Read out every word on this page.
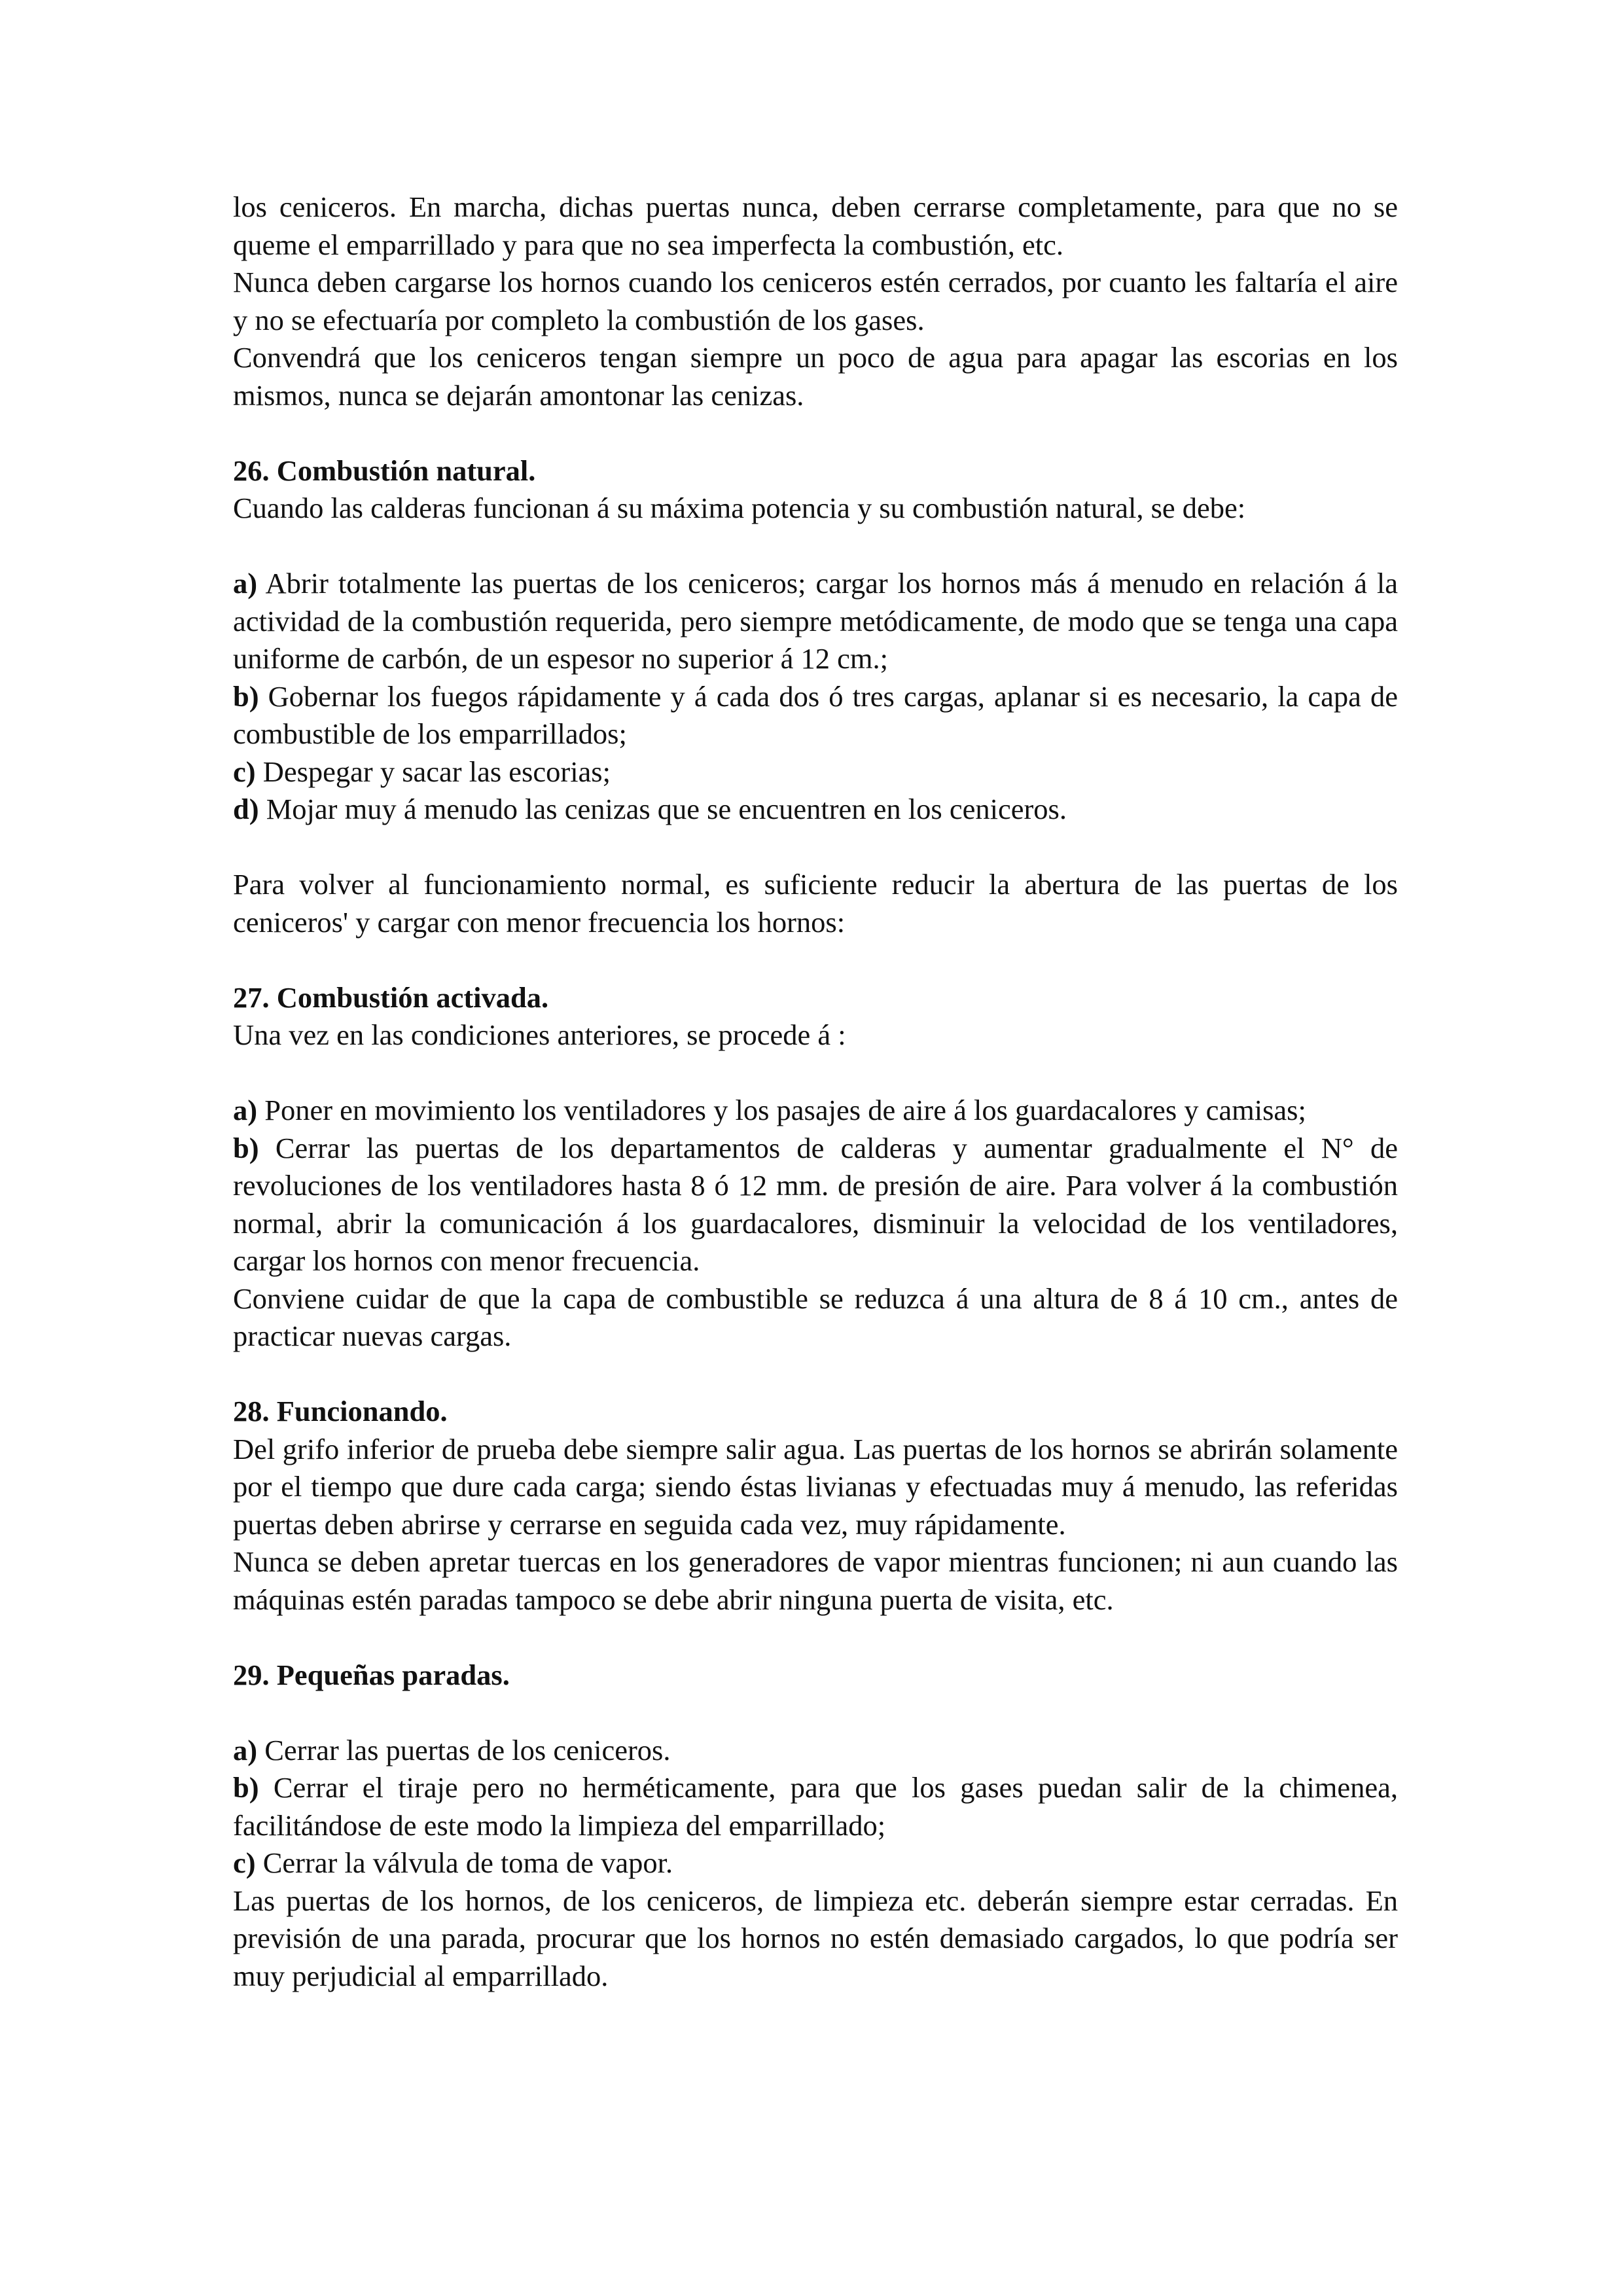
los ceniceros. En marcha, dichas puertas nunca, deben cerrarse completamente, para que no se queme el emparrillado y para que no sea imperfecta la combustión, etc.

Nunca deben cargarse los hornos cuando los ceniceros estén cerrados, por cuanto les faltaría el aire y no se efectuaría por completo la combustión de los gases.

Convendrá que los ceniceros tengan siempre un poco de agua para apagar las escorias en los mismos, nunca se dejarán amontonar las cenizas.

26. Combustión natural.

Cuando las calderas funcionan á su máxima potencia y su combustión natural, se debe:

a) Abrir totalmente las puertas de los ceniceros; cargar los hornos más á menudo en relación á la actividad de la combustión requerida, pero siempre metódicamente, de modo que se tenga una capa uniforme de carbón, de un espesor no superior á 12 cm.;

b) Gobernar los fuegos rápidamente y á cada dos ó tres cargas, aplanar si es necesario, la capa de combustible de los emparrillados;

c) Despegar y sacar las escorias;

d) Mojar muy á menudo las cenizas que se encuentren en los ceniceros.

Para volver al funcionamiento normal, es suficiente reducir la abertura de las puertas de los ceniceros' y cargar con menor frecuencia los hornos:

27. Combustión activada.

Una vez en las condiciones anteriores, se procede á :

a) Poner en movimiento los ventiladores y los pasajes de aire á los guardacalores y camisas;

b) Cerrar las puertas de los departamentos de calderas y aumentar gradualmente el N° de revoluciones de los ventiladores hasta 8 ó 12 mm. de presión de aire. Para volver á la combustión normal, abrir la comunicación á los guardacalores, disminuir la velocidad de los ventiladores, cargar los hornos con menor frecuencia.

Conviene cuidar de que la capa de combustible se reduzca á una altura de 8 á 10 cm., antes de practicar nuevas cargas.

28. Funcionando.

Del grifo inferior de prueba debe siempre salir agua. Las puertas de los hornos se abrirán solamente por el tiempo que dure cada carga; siendo éstas livianas y efectuadas muy á menudo, las referidas puertas deben abrirse y cerrarse en seguida cada vez, muy rápidamente.

Nunca se deben apretar tuercas en los generadores de vapor mientras funcionen; ni aun cuando las máquinas estén paradas tampoco se debe abrir ninguna puerta de visita, etc.

29. Pequeñas paradas.

a) Cerrar las puertas de los ceniceros.

b) Cerrar el tiraje pero no herméticamente, para que los gases puedan salir de la chimenea, facilitándose de este modo la limpieza del emparrillado;

c) Cerrar la válvula de toma de vapor.

Las puertas de los hornos, de los ceniceros, de limpieza etc. deberán siempre estar cerradas. En previsión de una parada, procurar que los hornos no estén demasiado cargados, lo que podría ser muy perjudicial al emparrillado.
